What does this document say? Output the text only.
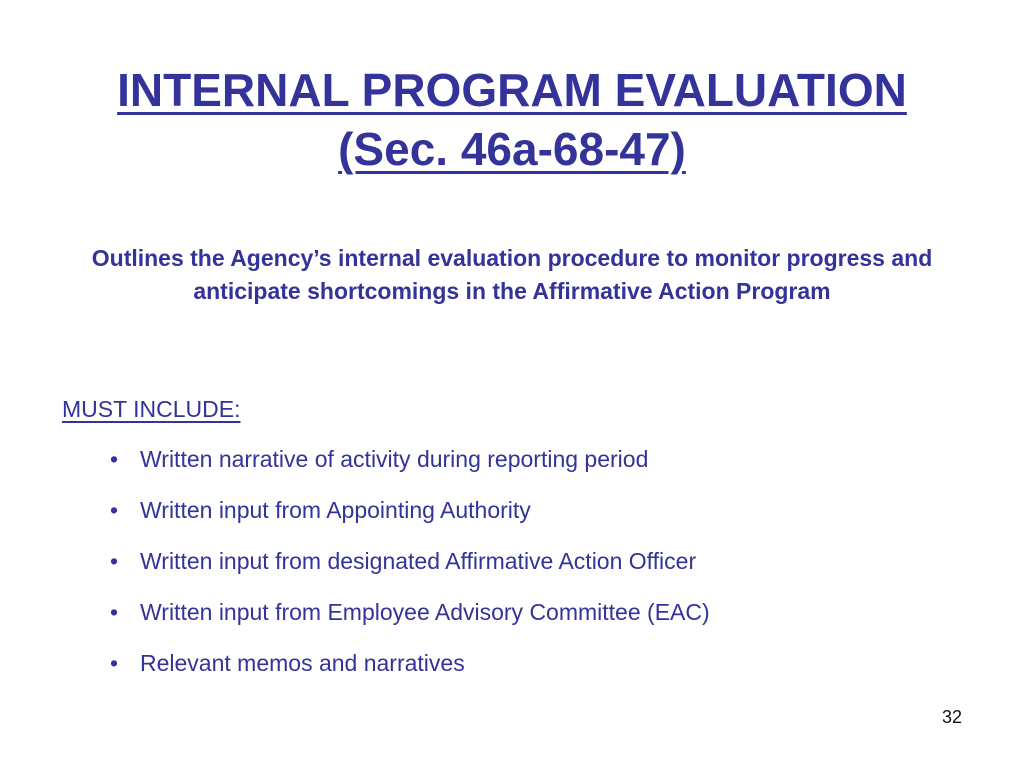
INTERNAL PROGRAM EVALUATION
(Sec. 46a-68-47)

Outlines the Agency’s internal evaluation procedure to monitor progress and anticipate shortcomings in the Affirmative Action Program

MUST INCLUDE:

• Written narrative of activity during reporting period
• Written input from Appointing Authority
• Written input from designated Affirmative Action Officer
• Written input from Employee Advisory Committee (EAC)
• Relevant memos and narratives
32
